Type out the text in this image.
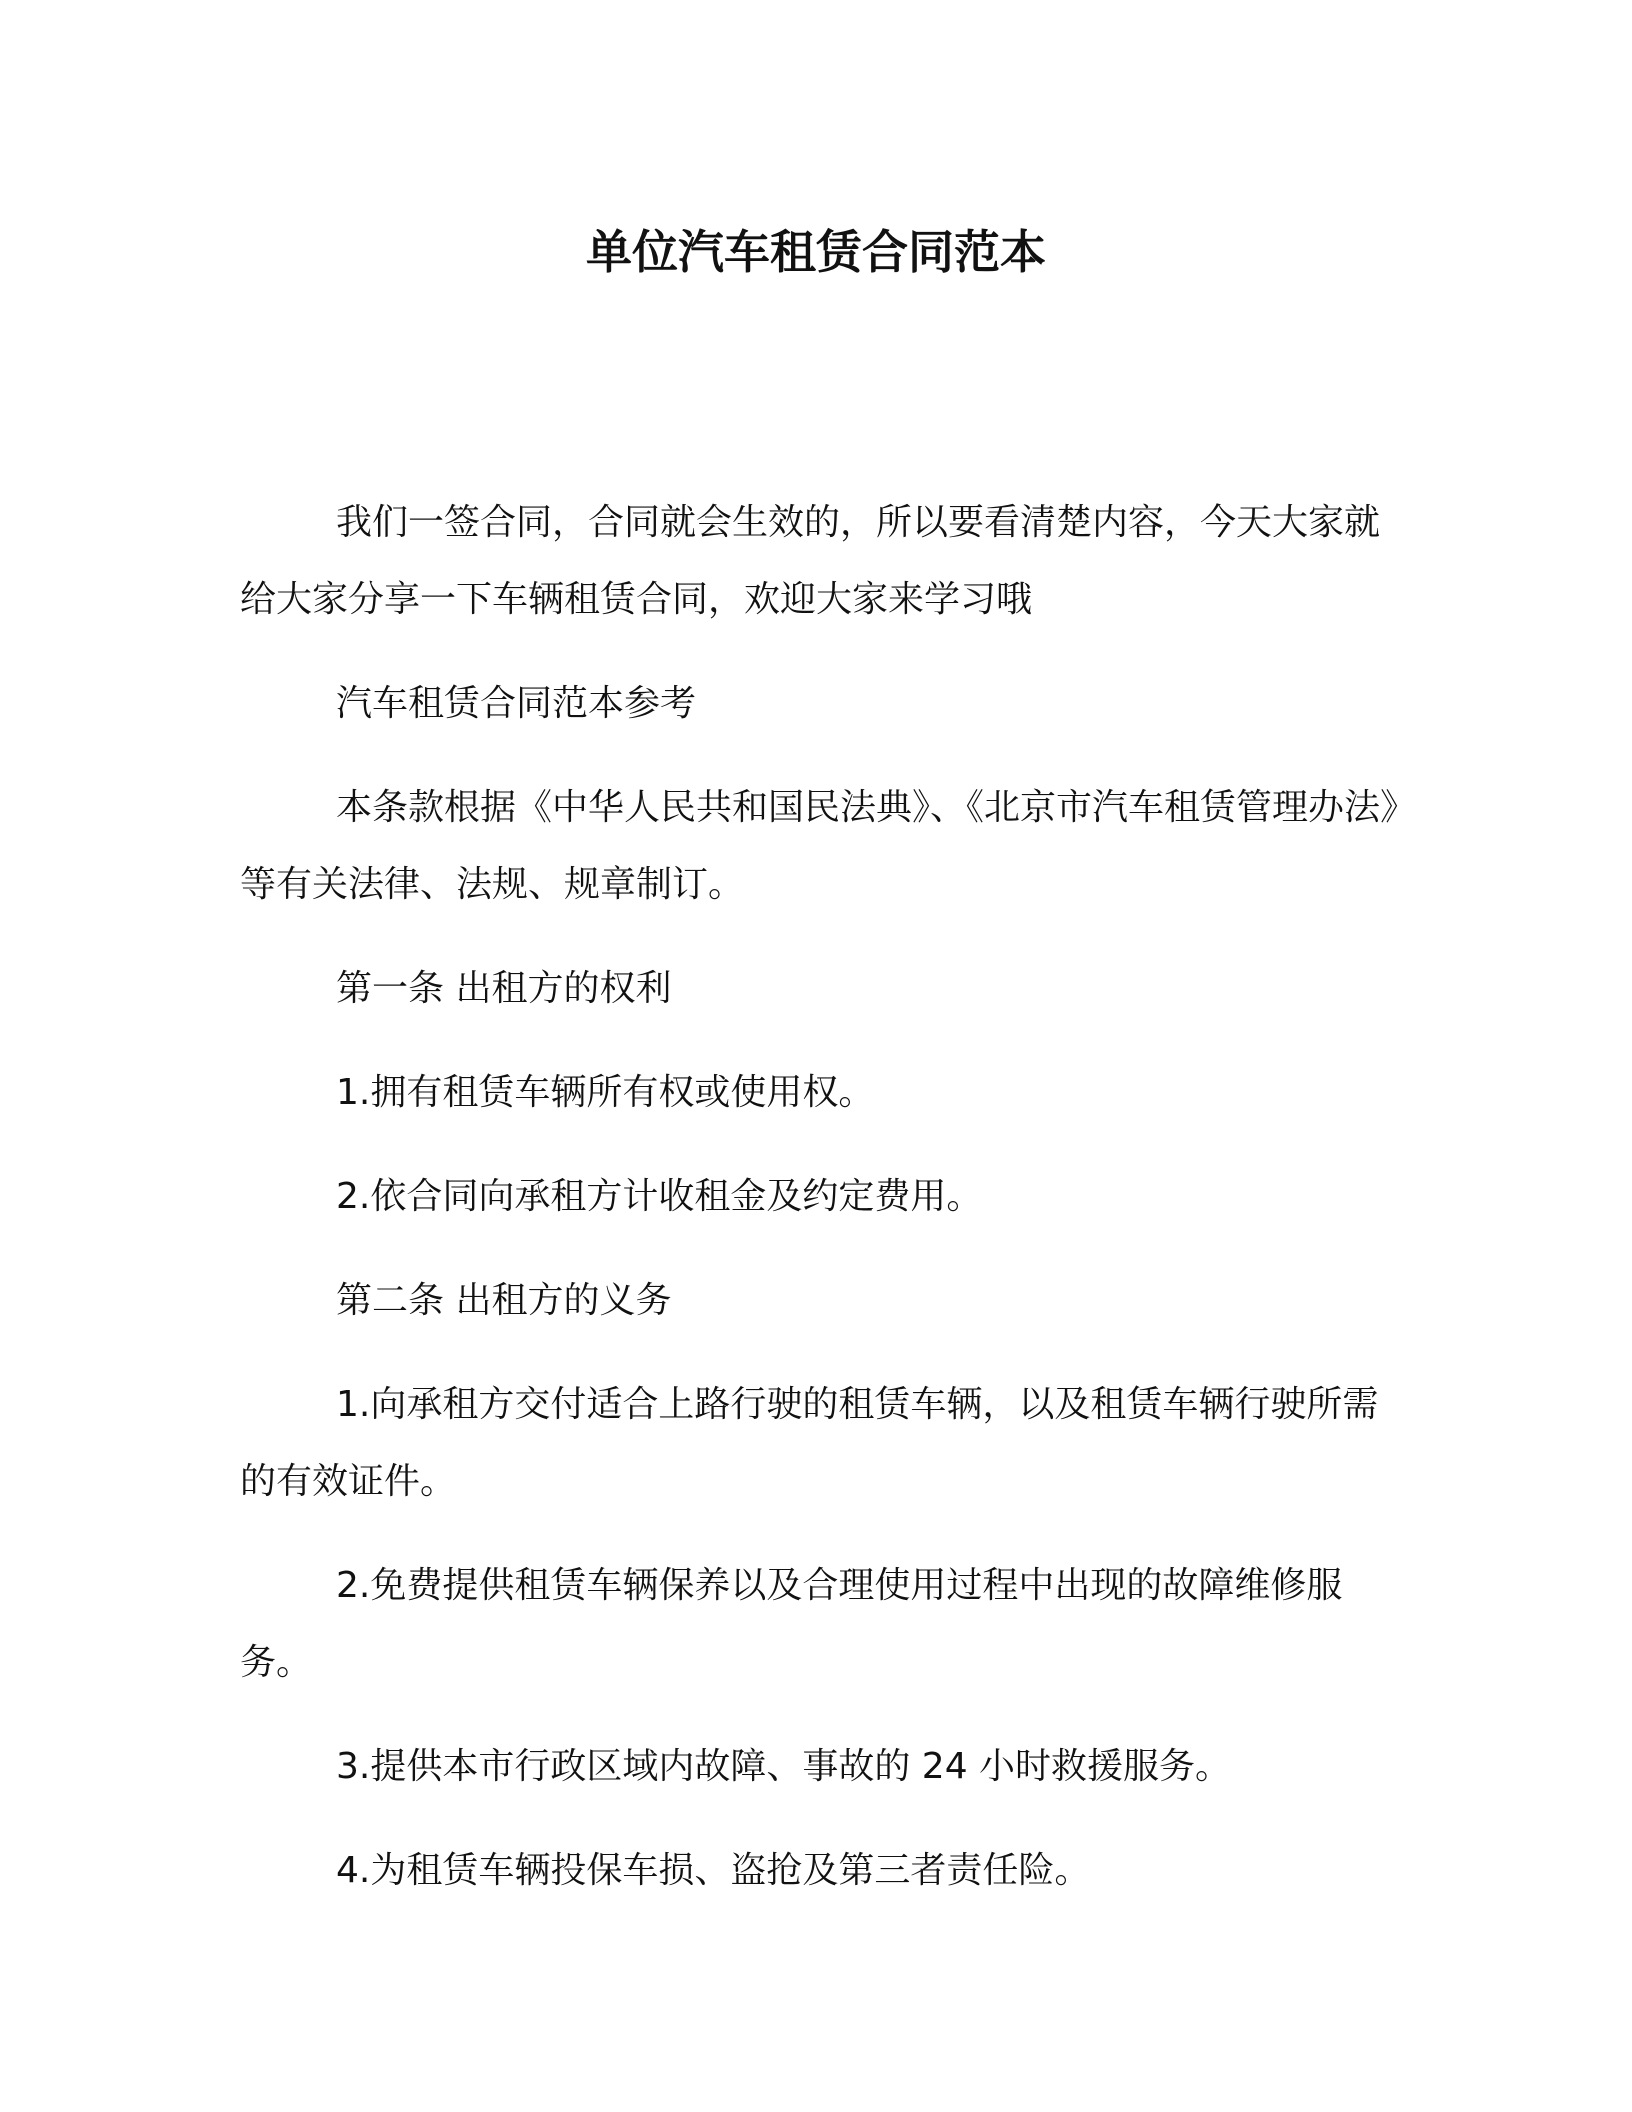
单位汽车租赁合同范本

我们一签合同，合同就会生效的，所以要看清楚内容，今天大家就给大家分享一下车辆租赁合同，欢迎大家来学习哦

汽车租赁合同范本参考

本条款根据《中华人民共和国民法典》、《北京市汽车租赁管理办法》等有关法律、法规、规章制订。

第一条 出租方的权利

1.拥有租赁车辆所有权或使用权。

2.依合同向承租方计收租金及约定费用。

第二条 出租方的义务

1.向承租方交付适合上路行驶的租赁车辆，以及租赁车辆行驶所需的有效证件。

2.免费提供租赁车辆保养以及合理使用过程中出现的故障维修服务。

3.提供本市行政区域内故障、事故的 24 小时救援服务。

4.为租赁车辆投保车损、盗抢及第三者责任险。
